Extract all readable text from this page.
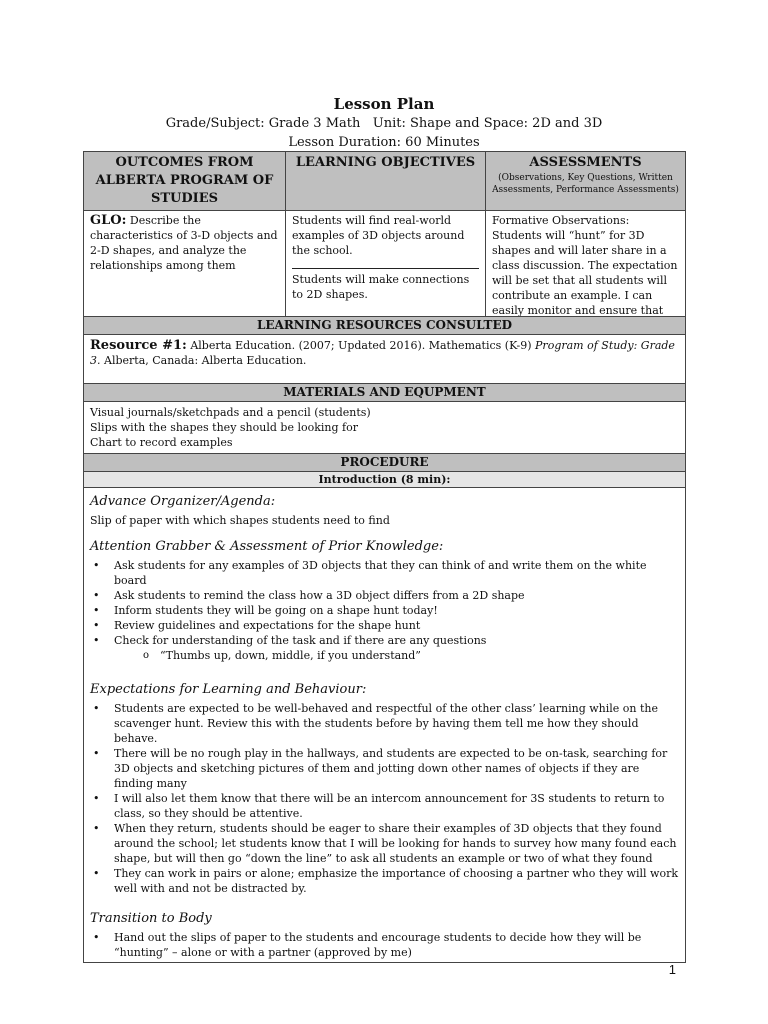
Lesson Plan

Grade/Subject: Grade 3 Math   Unit: Shape and Space: 2D and 3D

Lesson Duration: 60 Minutes

OUTCOMES FROM ALBERTA PROGRAM OF STUDIES
LEARNING OBJECTIVES	ASSESSMENTS
(Observations, Key Questions, Written Assessments, Performance Assessments)
GLO: Describe the characteristics of 3-D objects and 2-D shapes, and analyze the relationships among them
Students will find real-world examples of 3D objects around the school.
Students will make connections to 2D shapes.
Formative Observations: Students will “hunt” for 3D shapes and will later share in a class discussion. The expectation will be set that all students will contribute an example. I can easily monitor and ensure that
LEARNING RESOURCES CONSULTED
Resource #1: Alberta Education. (2007; Updated 2016). Mathematics (K-9) Program of Study: Grade 3. Alberta, Canada: Alberta Education.
MATERIALS AND EQUPMENT
Visual journals/sketchpads and a pencil (students)
Slips with the shapes they should be looking for
Chart to record examples
PROCEDURE
Introduction (8 min):
Advance Organizer/Agenda:
Slip of paper with which shapes students need to find
Attention Grabber & Assessment of Prior Knowledge:
• Ask students for any examples of 3D objects that they can think of and write them on the white board
• Ask students to remind the class how a 3D object differs from a 2D shape
• Inform students they will be going on a shape hunt today!
• Review guidelines and expectations for the shape hunt
• Check for understanding of the task and if there are any questions
o “Thumbs up, down, middle, if you understand”
Expectations for Learning and Behaviour:
• Students are expected to be well-behaved and respectful of the other class’ learning while on the scavenger hunt. Review this with the students before by having them tell me how they should behave.
• There will be no rough play in the hallways, and students are expected to be on-task, searching for 3D objects and sketching pictures of them and jotting down other names of objects if they are finding many
• I will also let them know that there will be an intercom announcement for 3S students to return to class, so they should be attentive.
• When they return, students should be eager to share their examples of 3D objects that they found around the school; let students know that I will be looking for hands to survey how many found each shape, but will then go “down the line” to ask all students an example or two of what they found
• They can work in pairs or alone; emphasize the importance of choosing a partner who they will work well with and not be distracted by.
Transition to Body
• Hand out the slips of paper to the students and encourage students to decide how they will be “hunting” – alone or with a partner (approved by me)
1
